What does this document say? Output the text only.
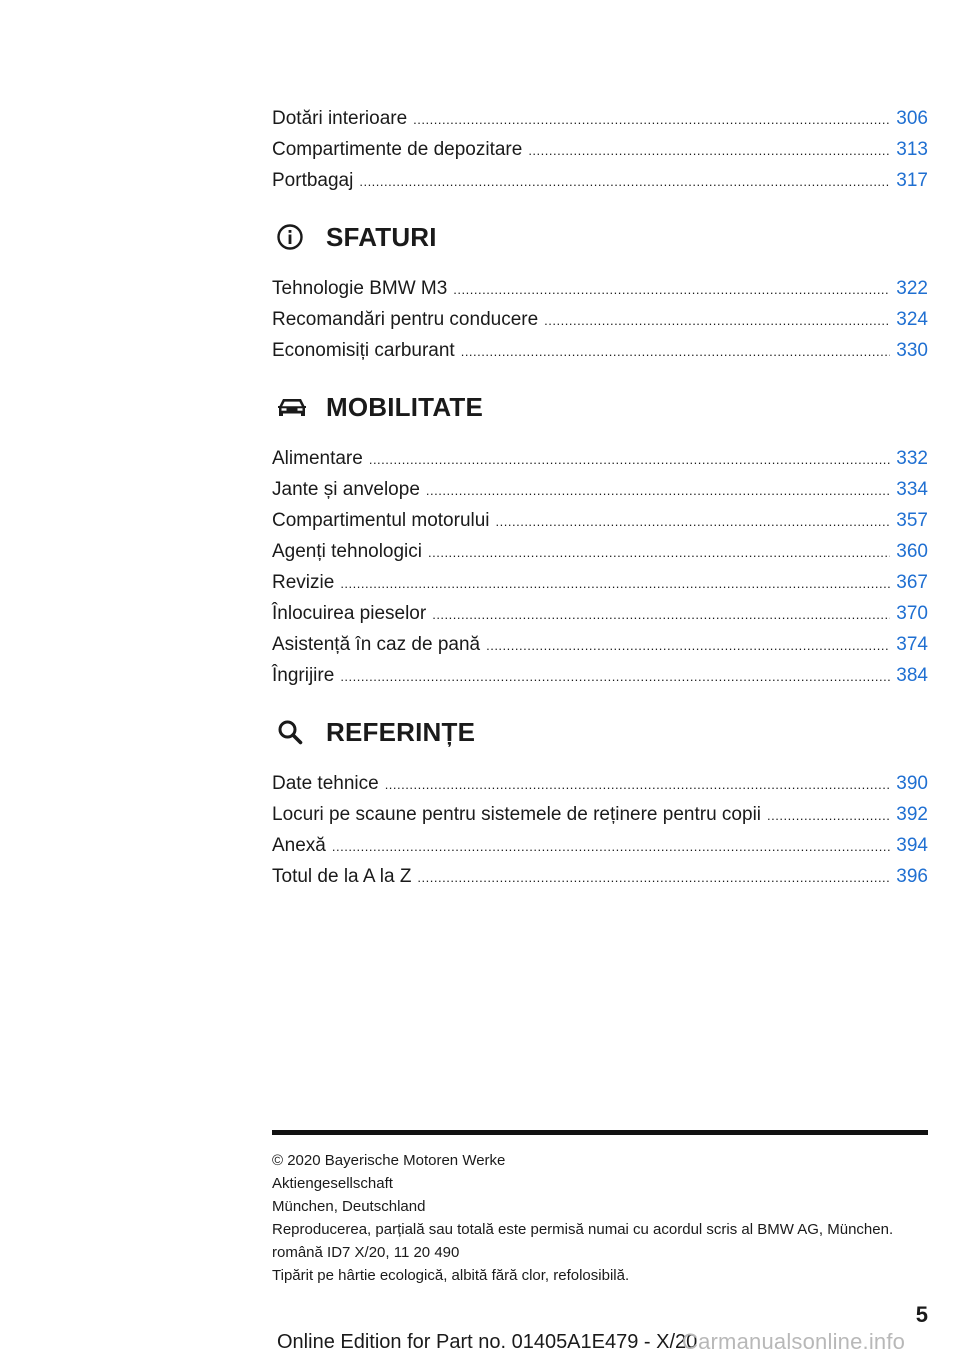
Dotări interioare .....	306
Compartimente de depozitare .....	313
Portbagaj .....	317
SFATURI
Tehnologie BMW M3 .....	322
Recomandări pentru conducere .....	324
Economisiți carburant .....	330
MOBILITATE
Alimentare .....	332
Jante și anvelope .....	334
Compartimentul motorului .....	357
Agenți tehnologici .....	360
Revizie .....	367
Înlocuirea pieselor .....	370
Asistență în caz de pană .....	374
Îngrijire .....	384
REFERINȚE
Date tehnice .....	390
Locuri pe scaune pentru sistemele de reținere pentru copii .....	392
Anexă .....	394
Totul de la A la Z .....	396
© 2020 Bayerische Motoren Werke
Aktiengesellschaft
München, Deutschland
Reproducerea, parțială sau totală este permisă numai cu acordul scris al BMW AG, München.
română ID7 X/20, 11 20 490
Tipărit pe hârtie ecologică, albită fără clor, refolosibilă.
5
Online Edition for Part no. 01405A1E479 - X/20
Carmanualsonline.info
